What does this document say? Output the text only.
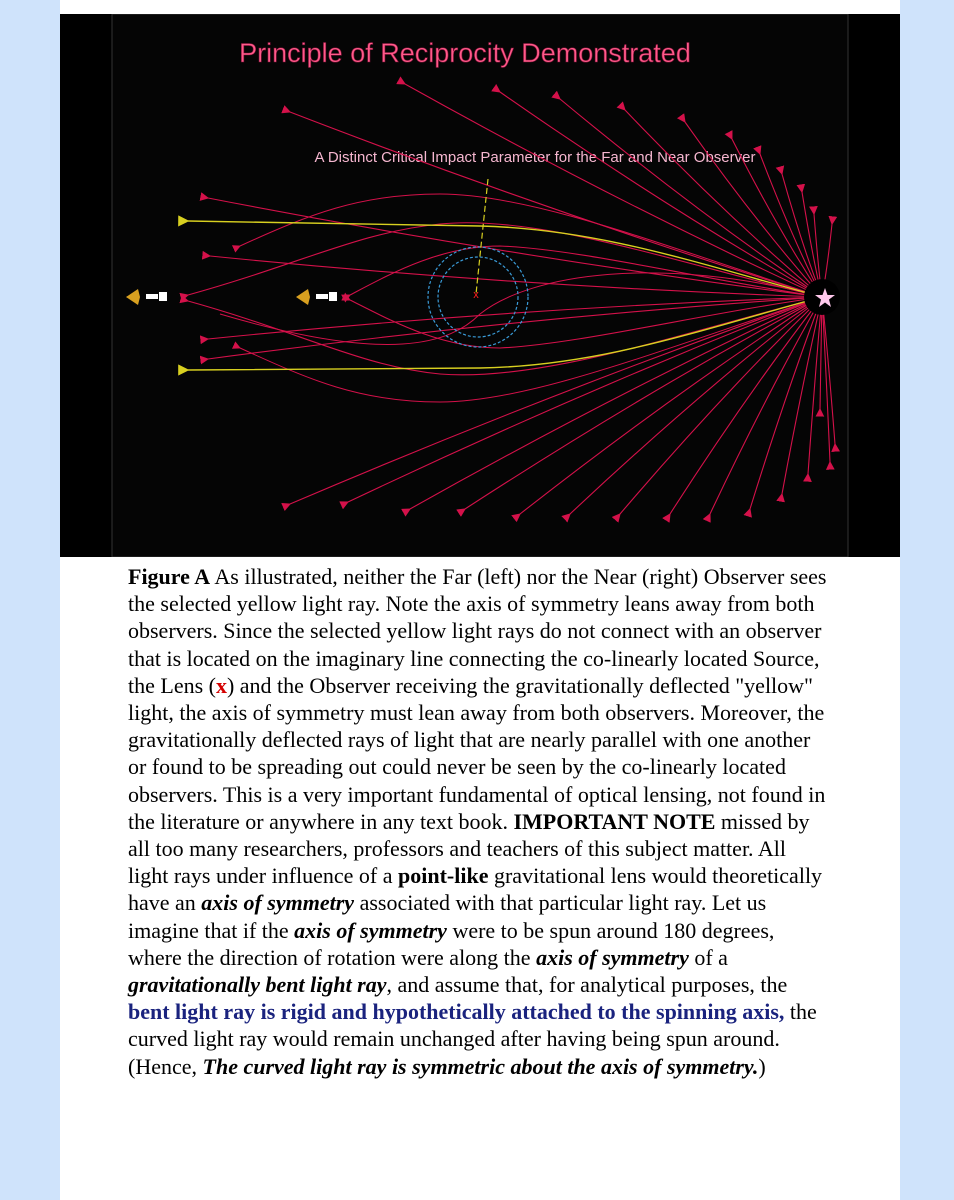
Principle of Reciprocity Demonstrated
A Distinct Critical Impact Parameter for the Far and Near Observer
x
Figure A As illustrated, neither the Far (left) nor the Near (right) Observer sees the selected yellow light ray. Note the axis of symmetry leans away from both observers. Since the selected yellow light rays do not connect with an observer that is located on the imaginary line connecting the co-linearly located Source, the Lens (x) and the Observer receiving the gravitationally deflected "yellow" light, the axis of symmetry must lean away from both observers. Moreover, the gravitationally deflected rays of light that are nearly parallel with one another or found to be spreading out could never be seen by the co-linearly located observers. This is a very important fundamental of optical lensing, not found in the literature or anywhere in any text book. IMPORTANT NOTE missed by all too many researchers, professors and teachers of this subject matter. All light rays under influence of a point-like gravitational lens would theoretically have an axis of symmetry associated with that particular light ray. Let us imagine that if the axis of symmetry were to be spun around 180 degrees, where the direction of rotation were along the axis of symmetry of a gravitationally bent light ray, and assume that, for analytical purposes, the bent light ray is rigid and hypothetically attached to the spinning axis, the curved light ray would remain unchanged after having being spun around. (Hence, The curved light ray is symmetric about the axis of symmetry.)
